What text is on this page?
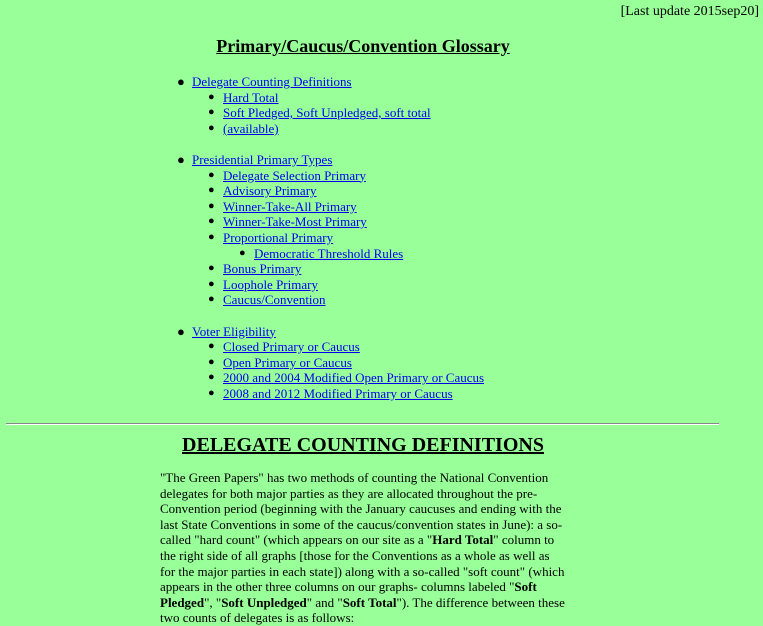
[Last update 2015sep20]
Primary/Caucus/Convention Glossary
● Delegate Counting Definitions
● Hard Total
● Soft Pledged, Soft Unpledged, soft total
● (available)
● Presidential Primary Types
● Delegate Selection Primary
● Advisory Primary
● Winner-Take-All Primary
● Winner-Take-Most Primary
● Proportional Primary
● Democratic Threshold Rules
● Bonus Primary
● Loophole Primary
● Caucus/Convention
● Voter Eligibility
● Closed Primary or Caucus
● Open Primary or Caucus
● 2000 and 2004 Modified Open Primary or Caucus
● 2008 and 2012 Modified Primary or Caucus
DELEGATE COUNTING DEFINITIONS

"The Green Papers" has two methods of counting the National Convention delegates for both major parties as they are allocated throughout the pre-Convention period (beginning with the January caucuses and ending with the last State Conventions in some of the caucus/convention states in June): a so-called "hard count" (which appears on our site as a "Hard Total" column to the right side of all graphs [those for the Conventions as a whole as well as for the major parties in each state]) along with a so-called "soft count" (which appears in the other three columns on our graphs- columns labeled "Soft Pledged", "Soft Unpledged" and "Soft Total"). The difference between these two counts of delegates is as follows:
